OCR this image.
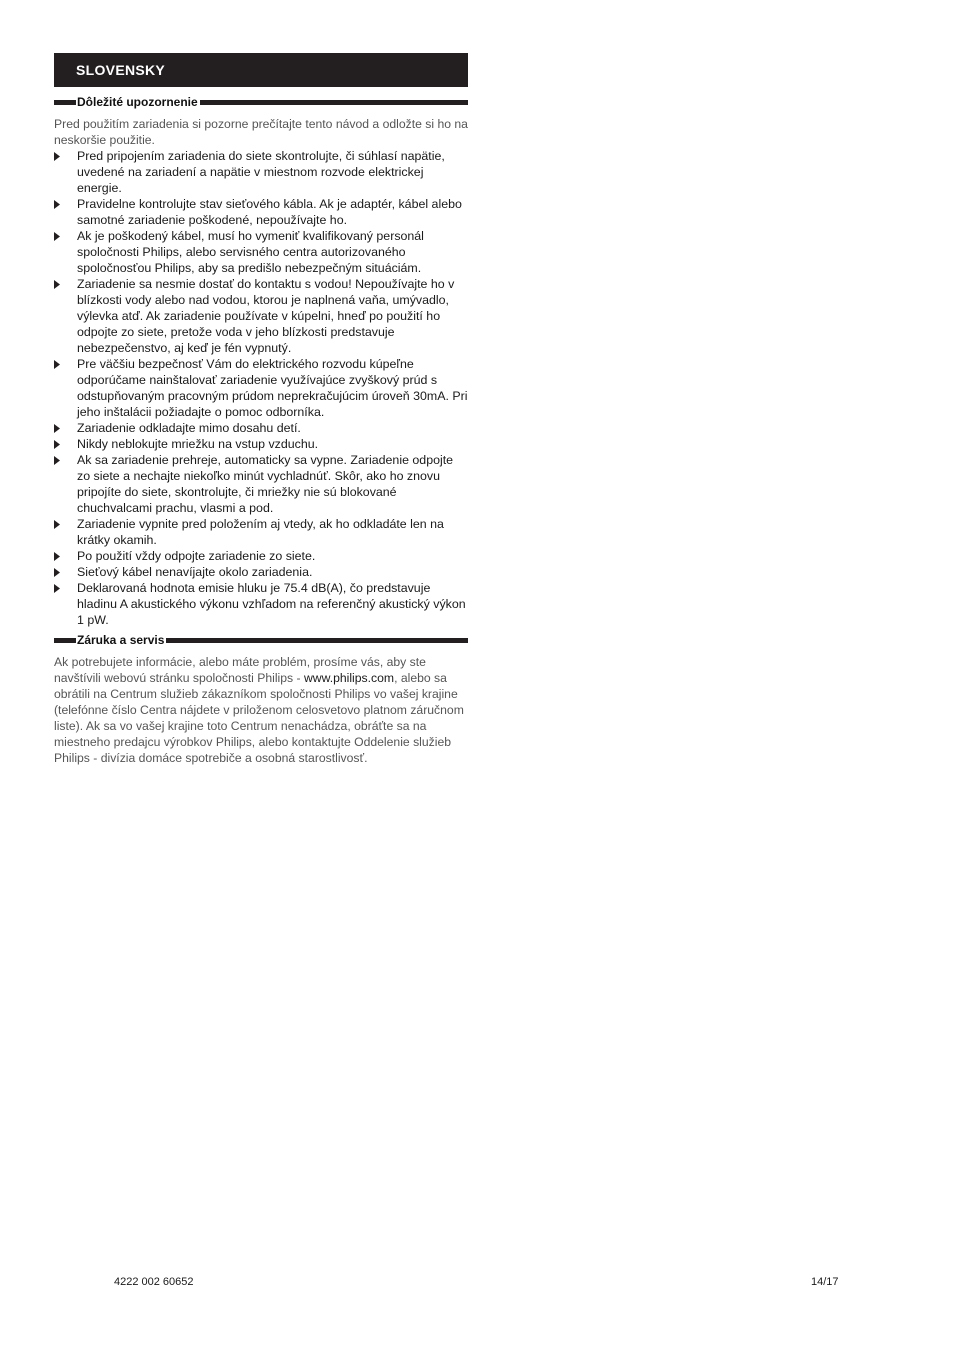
SLOVENSKY
Dôležité upozornenie

Pred použitím zariadenia si pozorne prečítajte tento návod a odložte si ho na neskoršie použitie.

Pred pripojením zariadenia do siete skontrolujte, či súhlasí napätie, uvedené na zariadení a napätie v miestnom rozvode elektrickej energie.
Pravidelne kontrolujte stav sieťového kábla. Ak je adaptér, kábel alebo samotné zariadenie poškodené, nepoužívajte ho.
Ak je poškodený kábel, musí ho vymeniť kvalifikovaný personál spoločnosti Philips, alebo servisného centra autorizovaného spoločnosťou Philips, aby sa predišlo nebezpečným situáciám.
Zariadenie sa nesmie dostať do kontaktu s vodou! Nepoužívajte ho v blízkosti vody alebo nad vodou, ktorou je naplnená vaňa, umývadlo, výlevka atď. Ak zariadenie používate v kúpelni, hneď po použití ho odpojte zo siete, pretože voda v jeho blízkosti predstavuje nebezpečenstvo, aj keď je fén vypnutý.
Pre väčšiu bezpečnosť Vám do elektrického rozvodu kúpeľne odporúčame nainštalovať zariadenie využívajúce zvyškový prúd s odstupňovaným pracovným prúdom neprekračujúcim úroveň 30mA. Pri jeho inštalácii požiadajte o pomoc odborníka.
Zariadenie odkladajte mimo dosahu detí.
Nikdy neblokujte mriežku na vstup vzduchu.
Ak sa zariadenie prehreje, automaticky sa vypne. Zariadenie odpojte zo siete a nechajte niekoľko minút vychladnúť. Skôr, ako ho znovu pripojíte do siete, skontrolujte, či mriežky nie sú blokované chuchvalcami prachu, vlasmi a pod.
Zariadenie vypnite pred položením aj vtedy, ak ho odkladáte len na krátky okamih.
Po použití vždy odpojte zariadenie zo siete.
Sieťový kábel nenavíjajte okolo zariadenia.
Deklarovaná hodnota emisie hluku je 75.4 dB(A), čo predstavuje hladinu A akustického výkonu vzhľadom na referenčný akustický výkon 1 pW.
Záruka a servis

Ak potrebujete informácie, alebo máte problém, prosíme vás, aby ste navštívili webovú stránku spoločnosti Philips - www.philips.com, alebo sa obrátili na Centrum služieb zákazníkom spoločnosti Philips vo vašej krajine (telefónne číslo Centra nájdete v priloženom celosvetovo platnom záručnom liste). Ak sa vo vašej krajine toto Centrum nenachádza, obráťte sa na miestneho predajcu výrobkov Philips, alebo kontaktujte Oddelenie služieb Philips - divízia domáce spotrebiče a osobná starostlivosť.

4222 002 60652	14/17
